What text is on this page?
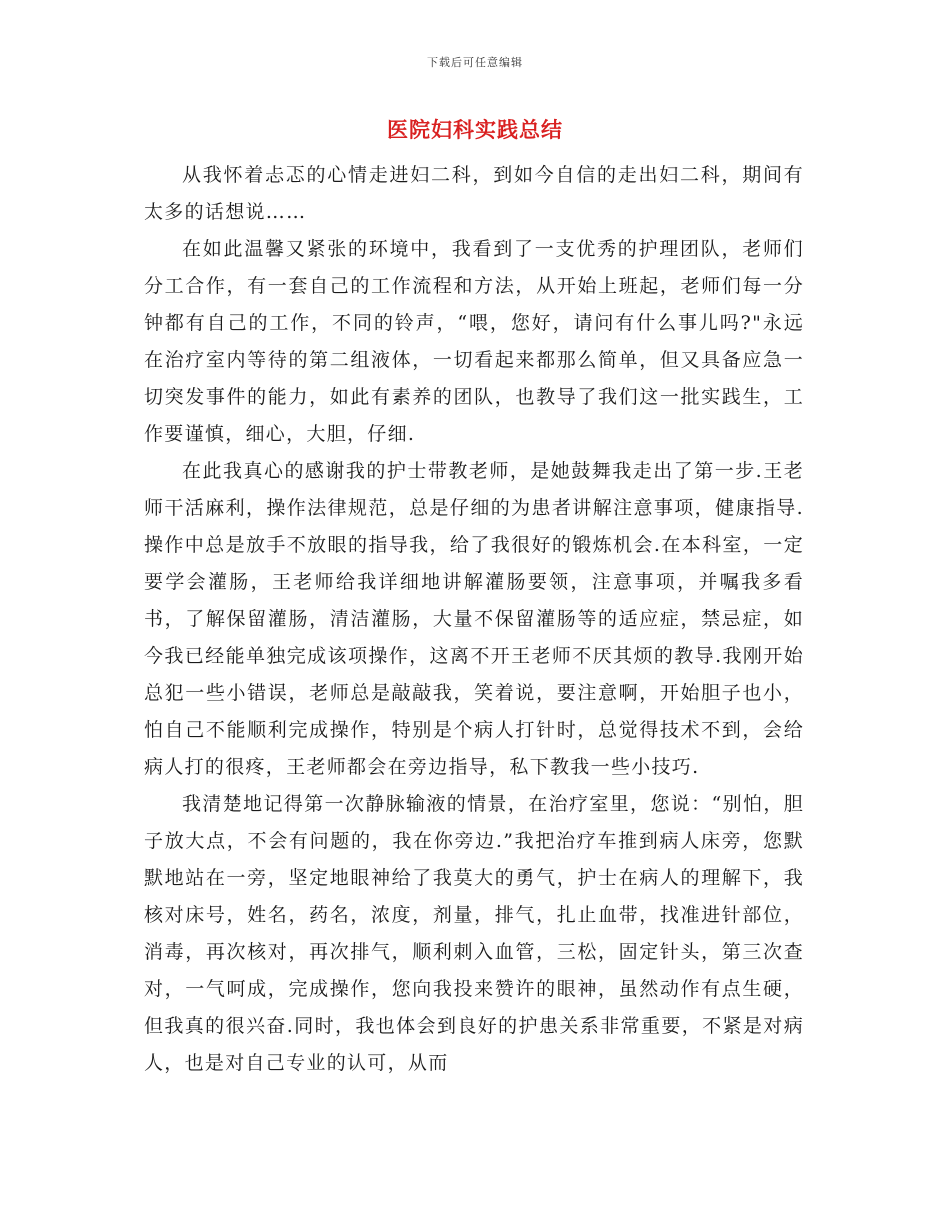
下载后可任意编辑
医院妇科实践总结

从我怀着忐忑的心情走进妇二科，到如今自信的走出妇二科，期间有太多的话想说……

在如此温馨又紧张的环境中，我看到了一支优秀的护理团队，老师们分工合作，有一套自己的工作流程和方法，从开始上班起，老师们每一分钟都有自己的工作，不同的铃声，“喂，您好，请问有什么事儿吗?"永远在治疗室内等待的第二组液体，一切看起来都那么简单，但又具备应急一切突发事件的能力，如此有素养的团队，也教导了我们这一批实践生，工作要谨慎，细心，大胆，仔细.

在此我真心的感谢我的护士带教老师，是她鼓舞我走出了第一步.王老师干活麻利，操作法律规范，总是仔细的为患者讲解注意事项，健康指导.操作中总是放手不放眼的指导我，给了我很好的锻炼机会.在本科室，一定要学会灌肠，王老师给我详细地讲解灌肠要领，注意事项，并嘱我多看书，了解保留灌肠，清洁灌肠，大量不保留灌肠等的适应症，禁忌症，如今我已经能单独完成该项操作，这离不开王老师不厌其烦的教导.我刚开始总犯一些小错误，老师总是敲敲我，笑着说，要注意啊，开始胆子也小，怕自己不能顺利完成操作，特别是个病人打针时，总觉得技术不到，会给病人打的很疼，王老师都会在旁边指导，私下教我一些小技巧.

我清楚地记得第一次静脉输液的情景，在治疗室里，您说：“别怕，胆子放大点，不会有问题的，我在你旁边.”我把治疗车推到病人床旁，您默默地站在一旁，坚定地眼神给了我莫大的勇气，护士在病人的理解下，我核对床号，姓名，药名，浓度，剂量，排气，扎止血带，找准进针部位，消毒，再次核对，再次排气，顺利刺入血管，三松，固定针头，第三次查对，一气呵成，完成操作，您向我投来赞许的眼神，虽然动作有点生硬，但我真的很兴奋.同时，我也体会到良好的护患关系非常重要，不紧是对病人，也是对自己专业的认可，从而
